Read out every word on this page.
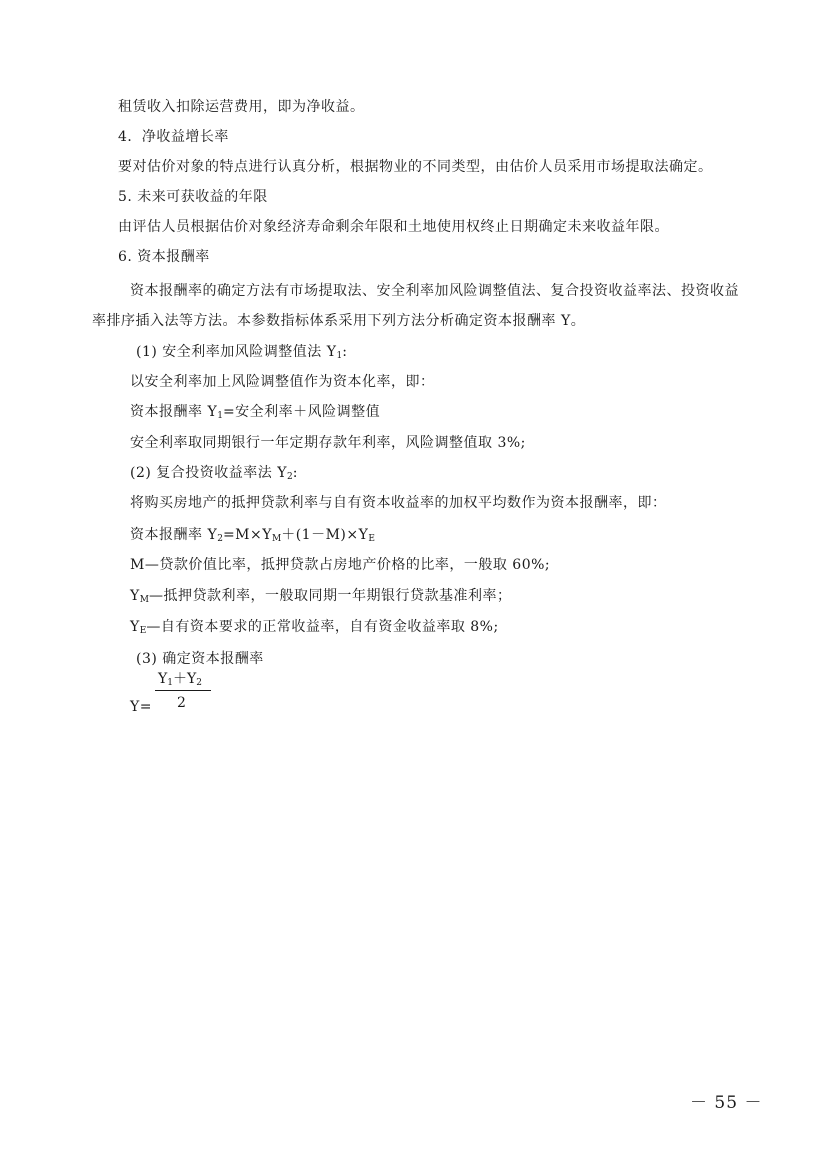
租赁收入扣除运营费用，即为净收益。
4．净收益增长率
要对估价对象的特点进行认真分析，根据物业的不同类型，由估价人员采用市场提取法确定。
5. 未来可获收益的年限
由评估人员根据估价对象经济寿命剩余年限和土地使用权终止日期确定未来收益年限。
6. 资本报酬率
资本报酬率的确定方法有市场提取法、安全利率加风险调整值法、复合投资收益率法、投资收益
率排序插入法等方法。本参数指标体系采用下列方法分析确定资本报酬率 Y。
(1) 安全利率加风险调整值法 $Y_1$:
以安全利率加上风险调整值作为资本化率，即：
资本报酬率 $Y_1=$安全利率＋风险调整值
安全利率取同期银行一年定期存款年利率，风险调整值取 3%;
(2) 复合投资收益率法 $Y_2$:
将购买房地产的抵押贷款利率与自有资本收益率的加权平均数作为资本报酬率，即：
资本报酬率 $Y_2=M\times Y_M+(1-M)\times Y_E$
M—贷款价值比率，抵押贷款占房地产价格的比率，一般取 60%;
$Y_M—$抵押贷款利率，一般取同期一年期银行贷款基准利率；
$Y_E—$自有资本要求的正常收益率，自有资金收益率取 8%;
(3) 确定资本报酬率
$Y_1+Y_2$
2
Y=
－ 55 －
